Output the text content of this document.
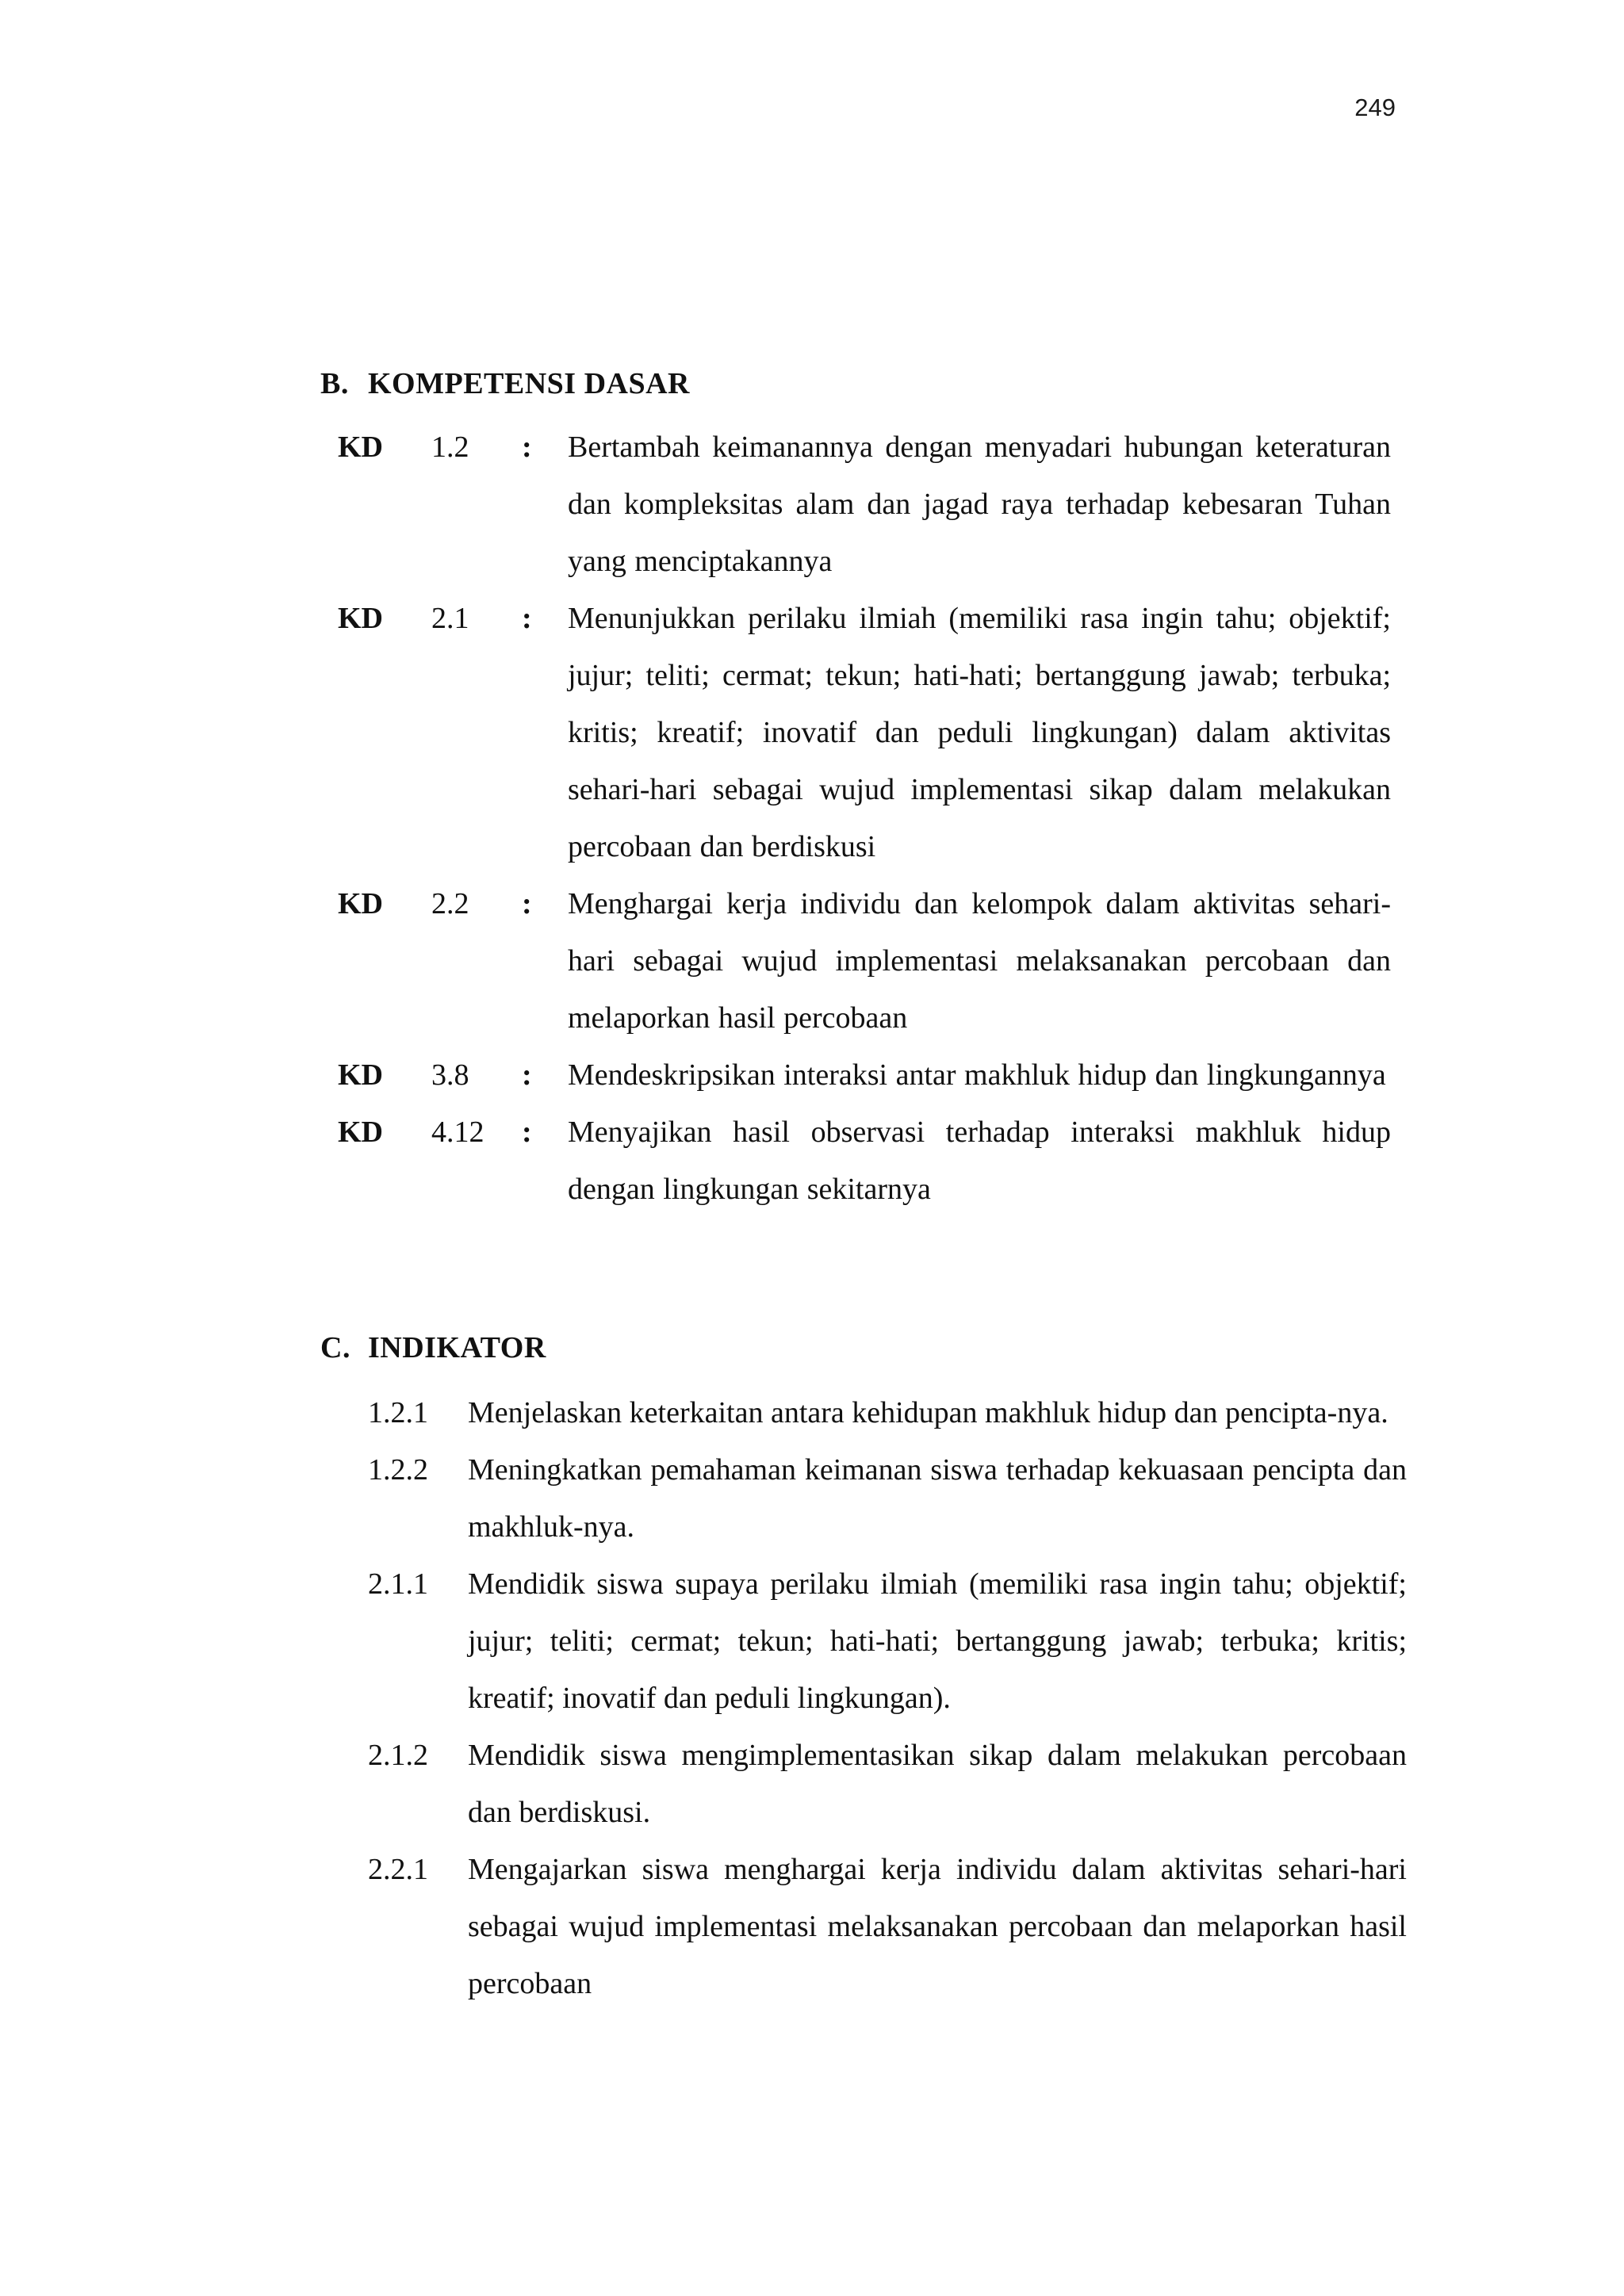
249
B. KOMPETENSI DASAR
KD 1.2 : Bertambah keimanannya dengan menyadari hubungan keteraturan dan kompleksitas alam dan jagad raya terhadap kebesaran Tuhan yang menciptakannya
KD 2.1 : Menunjukkan perilaku ilmiah (memiliki rasa ingin tahu; objektif; jujur; teliti; cermat; tekun; hati-hati; bertanggung jawab; terbuka; kritis; kreatif; inovatif dan peduli lingkungan) dalam aktivitas sehari-hari sebagai wujud implementasi sikap dalam melakukan percobaan dan berdiskusi
KD 2.2 : Menghargai kerja individu dan kelompok dalam aktivitas sehari-hari sebagai wujud implementasi melaksanakan percobaan dan melaporkan hasil percobaan
KD 3.8 : Mendeskripsikan interaksi antar makhluk hidup dan lingkungannya
KD 4.12 : Menyajikan hasil observasi terhadap interaksi makhluk hidup dengan lingkungan sekitarnya
C. INDIKATOR
1.2.1 Menjelaskan keterkaitan antara kehidupan makhluk hidup dan pencipta-nya.
1.2.2 Meningkatkan pemahaman keimanan siswa terhadap kekuasaan pencipta dan makhluk-nya.
2.1.1 Mendidik siswa supaya perilaku ilmiah (memiliki rasa ingin tahu; objektif; jujur; teliti; cermat; tekun; hati-hati; bertanggung jawab; terbuka; kritis; kreatif; inovatif dan peduli lingkungan).
2.1.2 Mendidik siswa mengimplementasikan sikap dalam melakukan percobaan dan berdiskusi.
2.2.1 Mengajarkan siswa menghargai kerja individu dalam aktivitas sehari-hari sebagai wujud implementasi melaksanakan percobaan dan melaporkan hasil percobaan
